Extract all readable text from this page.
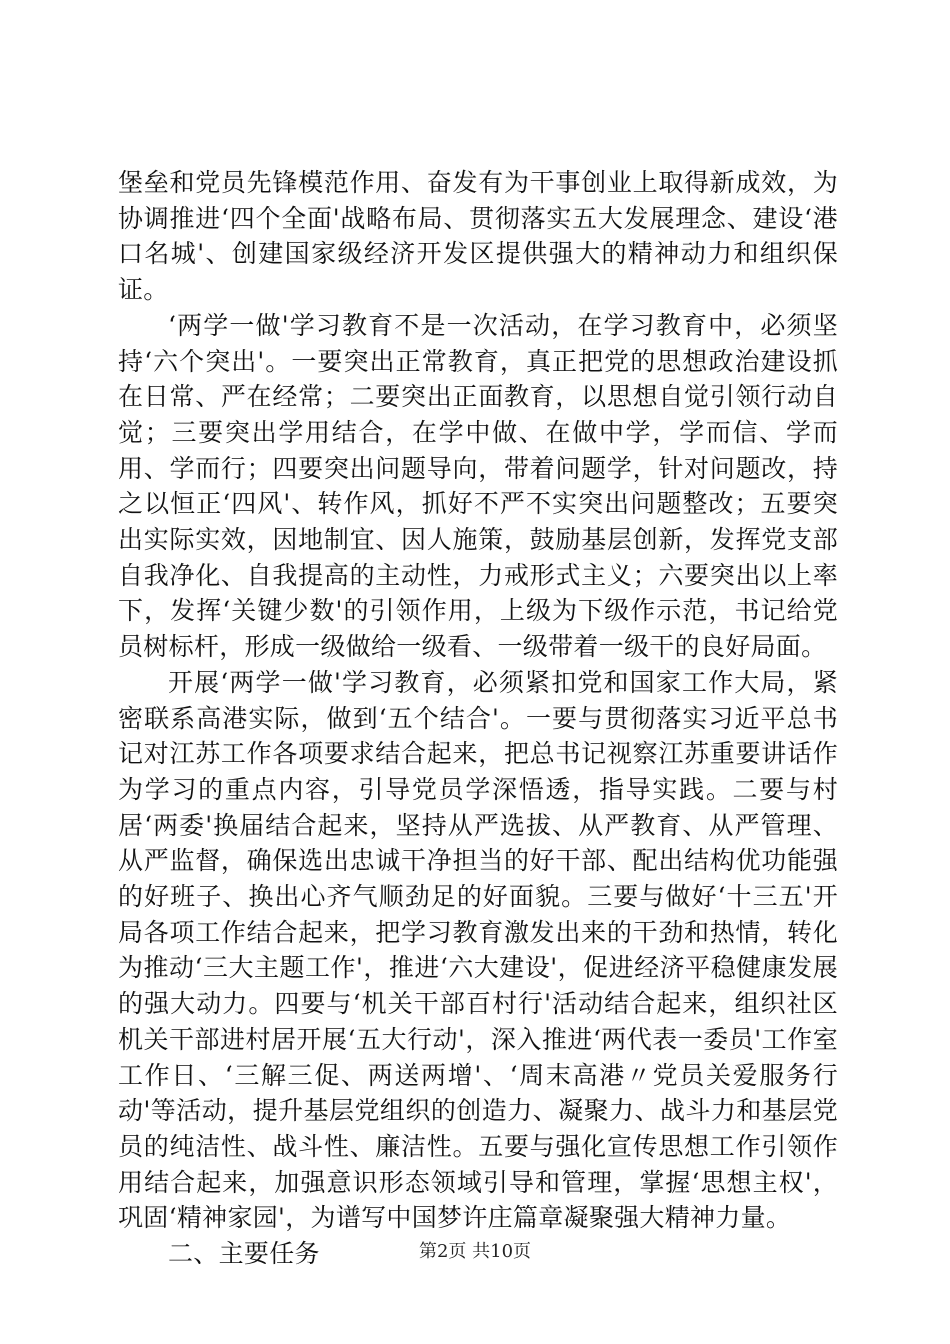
堡垒和党员先锋模范作用、奋发有为干事创业上取得新成效，为协调推进‘四个全面'战略布局、贯彻落实五大发展理念、建设‘港口名城'、创建国家级经济开发区提供强大的精神动力和组织保证。

‘两学一做'学习教育不是一次活动，在学习教育中，必须坚持‘六个突出'。一要突出正常教育，真正把党的思想政治建设抓在日常、严在经常；二要突出正面教育，以思想自觉引领行动自觉；三要突出学用结合，在学中做、在做中学，学而信、学而用、学而行；四要突出问题导向，带着问题学，针对问题改，持之以恒正‘四风'、转作风，抓好不严不实突出问题整改；五要突出实际实效，因地制宜、因人施策，鼓励基层创新，发挥党支部自我净化、自我提高的主动性，力戒形式主义；六要突出以上率下，发挥‘关键少数'的引领作用，上级为下级作示范，书记给党员树标杆，形成一级做给一级看、一级带着一级干的良好局面。

开展‘两学一做'学习教育，必须紧扣党和国家工作大局，紧密联系高港实际，做到‘五个结合'。一要与贯彻落实习近平总书记对江苏工作各项要求结合起来，把总书记视察江苏重要讲话作为学习的重点内容，引导党员学深悟透，指导实践。二要与村居‘两委'换届结合起来，坚持从严选拔、从严教育、从严管理、从严监督，确保选出忠诚干净担当的好干部、配出结构优功能强的好班子、换出心齐气顺劲足的好面貌。三要与做好‘十三五'开局各项工作结合起来，把学习教育激发出来的干劲和热情，转化为推动‘三大主题工作'，推进‘六大建设'，促进经济平稳健康发展的强大动力。四要与‘机关干部百村行'活动结合起来，组织社区机关干部进村居开展‘五大行动'，深入推进‘两代表一委员'工作室工作日、‘三解三促、两送两增'、‘周末高港〃党员关爱服务行动'等活动，提升基层党组织的创造力、凝聚力、战斗力和基层党员的纯洁性、战斗性、廉洁性。五要与强化宣传思想工作引领作用结合起来，加强意识形态领域引导和管理，掌握‘思想主权'，巩固‘精神家园'，为谱写中国梦许庄篇章凝聚强大精神力量。

二、主要任务	第2页 共10页
